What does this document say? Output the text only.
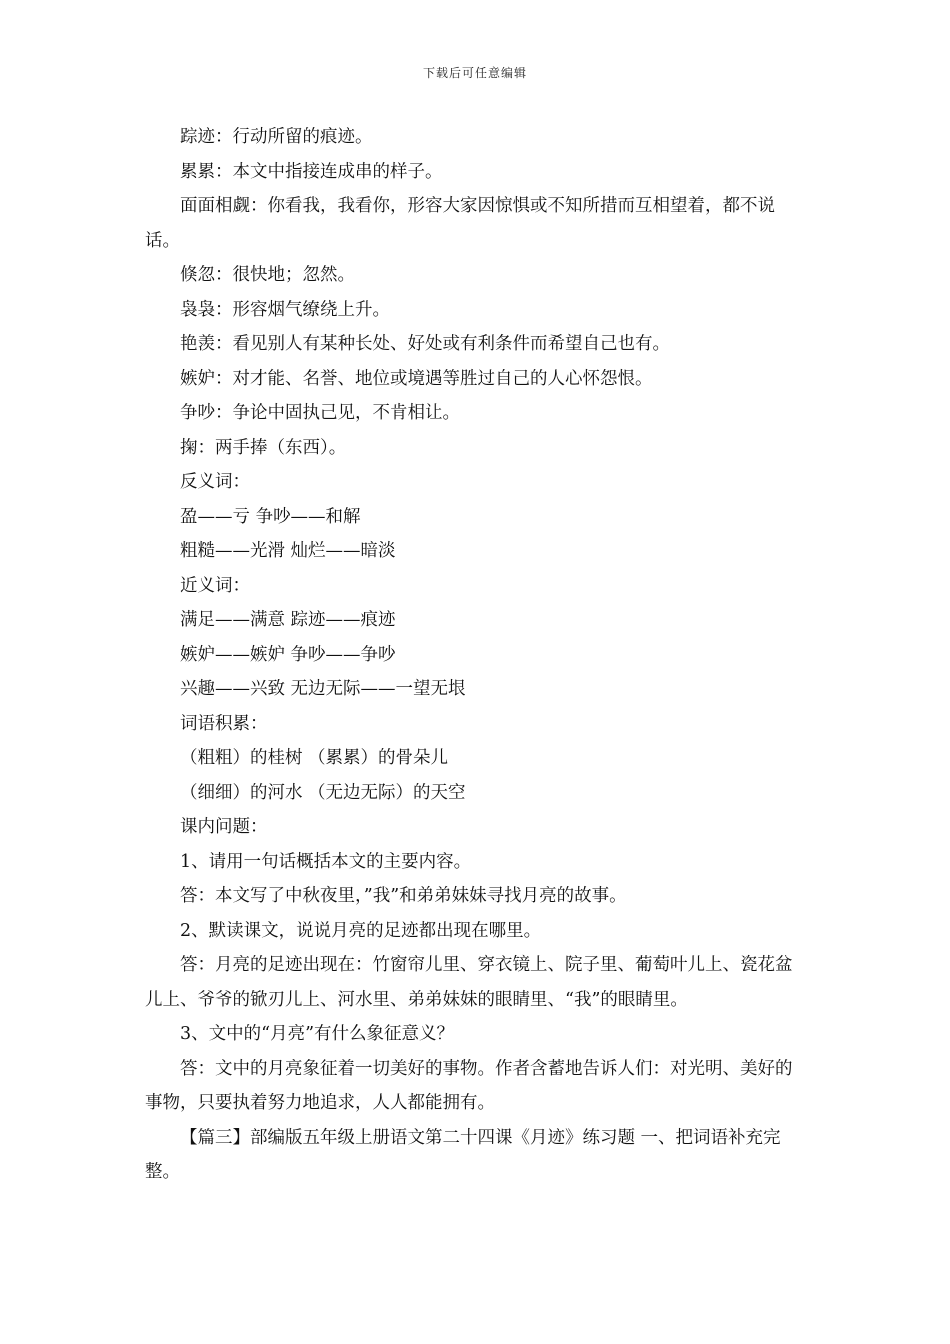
下载后可任意编辑

踪迹：行动所留的痕迹。

累累：本文中指接连成串的样子。

面面相觑：你看我，我看你，形容大家因惊惧或不知所措而互相望着，都不说话。

倏忽：很快地；忽然。

袅袅：形容烟气缭绕上升。

艳羡：看见别人有某种长处、好处或有利条件而希望自己也有。

嫉妒：对才能、名誉、地位或境遇等胜过自己的人心怀怨恨。

争吵：争论中固执己见，不肯相让。

掬：两手捧（东西）。

反义词：

盈——亏 争吵——和解

粗糙——光滑 灿烂——暗淡

近义词：

满足——满意 踪迹——痕迹

嫉妒——嫉妒 争吵——争吵

兴趣——兴致 无边无际——一望无垠

词语积累：

（粗粗）的桂树 （累累）的骨朵儿

（细细）的河水 （无边无际）的天空

课内问题：

1、请用一句话概括本文的主要内容。

答：本文写了中秋夜里，”我”和弟弟妹妹寻找月亮的故事。

2、默读课文，说说月亮的足迹都出现在哪里。

答：月亮的足迹出现在：竹窗帘儿里、穿衣镜上、院子里、葡萄叶儿上、瓷花盆儿上、爷爷的锨刃儿上、河水里、弟弟妹妹的眼睛里、“我”的眼睛里。

3、文中的“月亮”有什么象征意义？

答：文中的月亮象征着一切美好的事物。作者含蓄地告诉人们：对光明、美好的事物，只要执着努力地追求，人人都能拥有。

【篇三】部编版五年级上册语文第二十四课《月迹》练习题 一、把词语补充完整。
